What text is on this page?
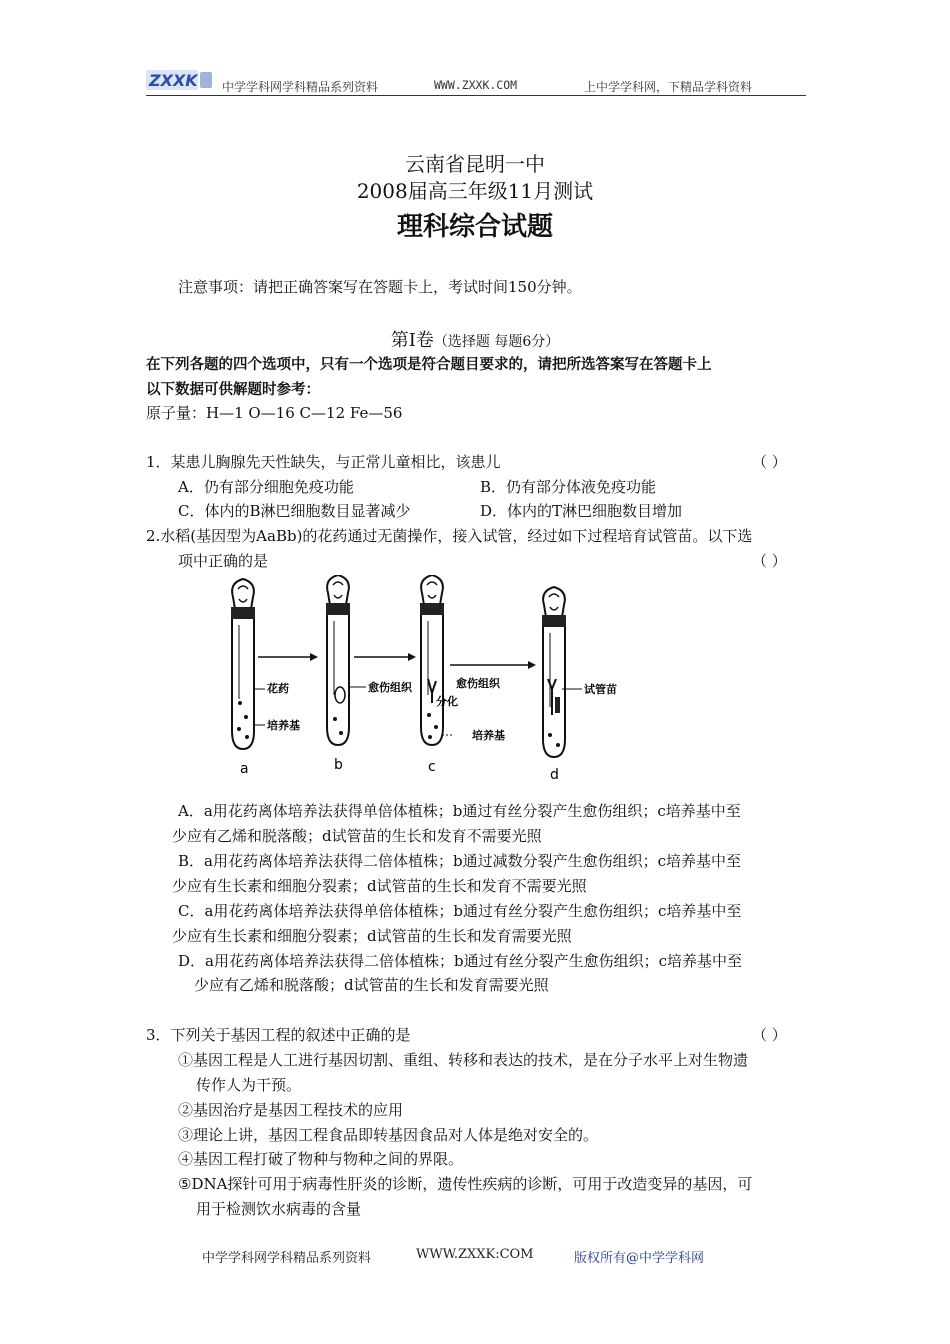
ZXXK 中学学科网学科精品系列资料	WWW.ZXXK.COM	上中学学科网，下精品学科资料
云南省昆明一中
2008届高三年级11月测试
理科综合试题
注意事项：请把正确答案写在答题卡上，考试时间150分钟。
第Ⅰ卷（选择题 每题6分）
在下列各题的四个选项中，只有一个选项是符合题目要求的，请把所选答案写在答题卡上
以下数据可供解题时参考：
原子量：H—1 O—16 C—12 Fe—56
1．某患儿胸腺先天性缺失，与正常儿童相比，该患儿	（ ）
A．仍有部分细胞免疫功能	B．仍有部分体液免疫功能
C．体内的B淋巴细胞数目显著减少	D．体内的T淋巴细胞数目增加
2.水稻(基因型为AaBb)的花药通过无菌操作，接入试管，经过如下过程培育试管苗。以下选
项中正确的是	（ ）
花药
培养基
a
愈伤组织
b
愈伤组织
分化
培养基
c
试管苗
d
A．a用花药离体培养法获得单倍体植株；b通过有丝分裂产生愈伤组织；c培养基中至
少应有乙烯和脱落酸；d试管苗的生长和发育不需要光照
B．a用花药离体培养法获得二倍体植株；b通过减数分裂产生愈伤组织；c培养基中至
少应有生长素和细胞分裂素；d试管苗的生长和发育不需要光照
C．a用花药离体培养法获得单倍体植株；b通过有丝分裂产生愈伤组织；c培养基中至
少应有生长素和细胞分裂素；d试管苗的生长和发育需要光照
D．a用花药离体培养法获得二倍体植株；b通过有丝分裂产生愈伤组织；c培养基中至
少应有乙烯和脱落酸；d试管苗的生长和发育需要光照
3．下列关于基因工程的叙述中正确的是	（ ）
①基因工程是人工进行基因切割、重组、转移和表达的技术，是在分子水平上对生物遗
传作人为干预。
②基因治疗是基因工程技术的应用
③理论上讲，基因工程食品即转基因食品对人体是绝对安全的。
④基因工程打破了物种与物种之间的界限。
⑤DNA探针可用于病毒性肝炎的诊断，遗传性疾病的诊断，可用于改造变异的基因，可
用于检测饮水病毒的含量
中学学科网学科精品系列资料	WWW.ZXXK:COM	版权所有@中学学科网
